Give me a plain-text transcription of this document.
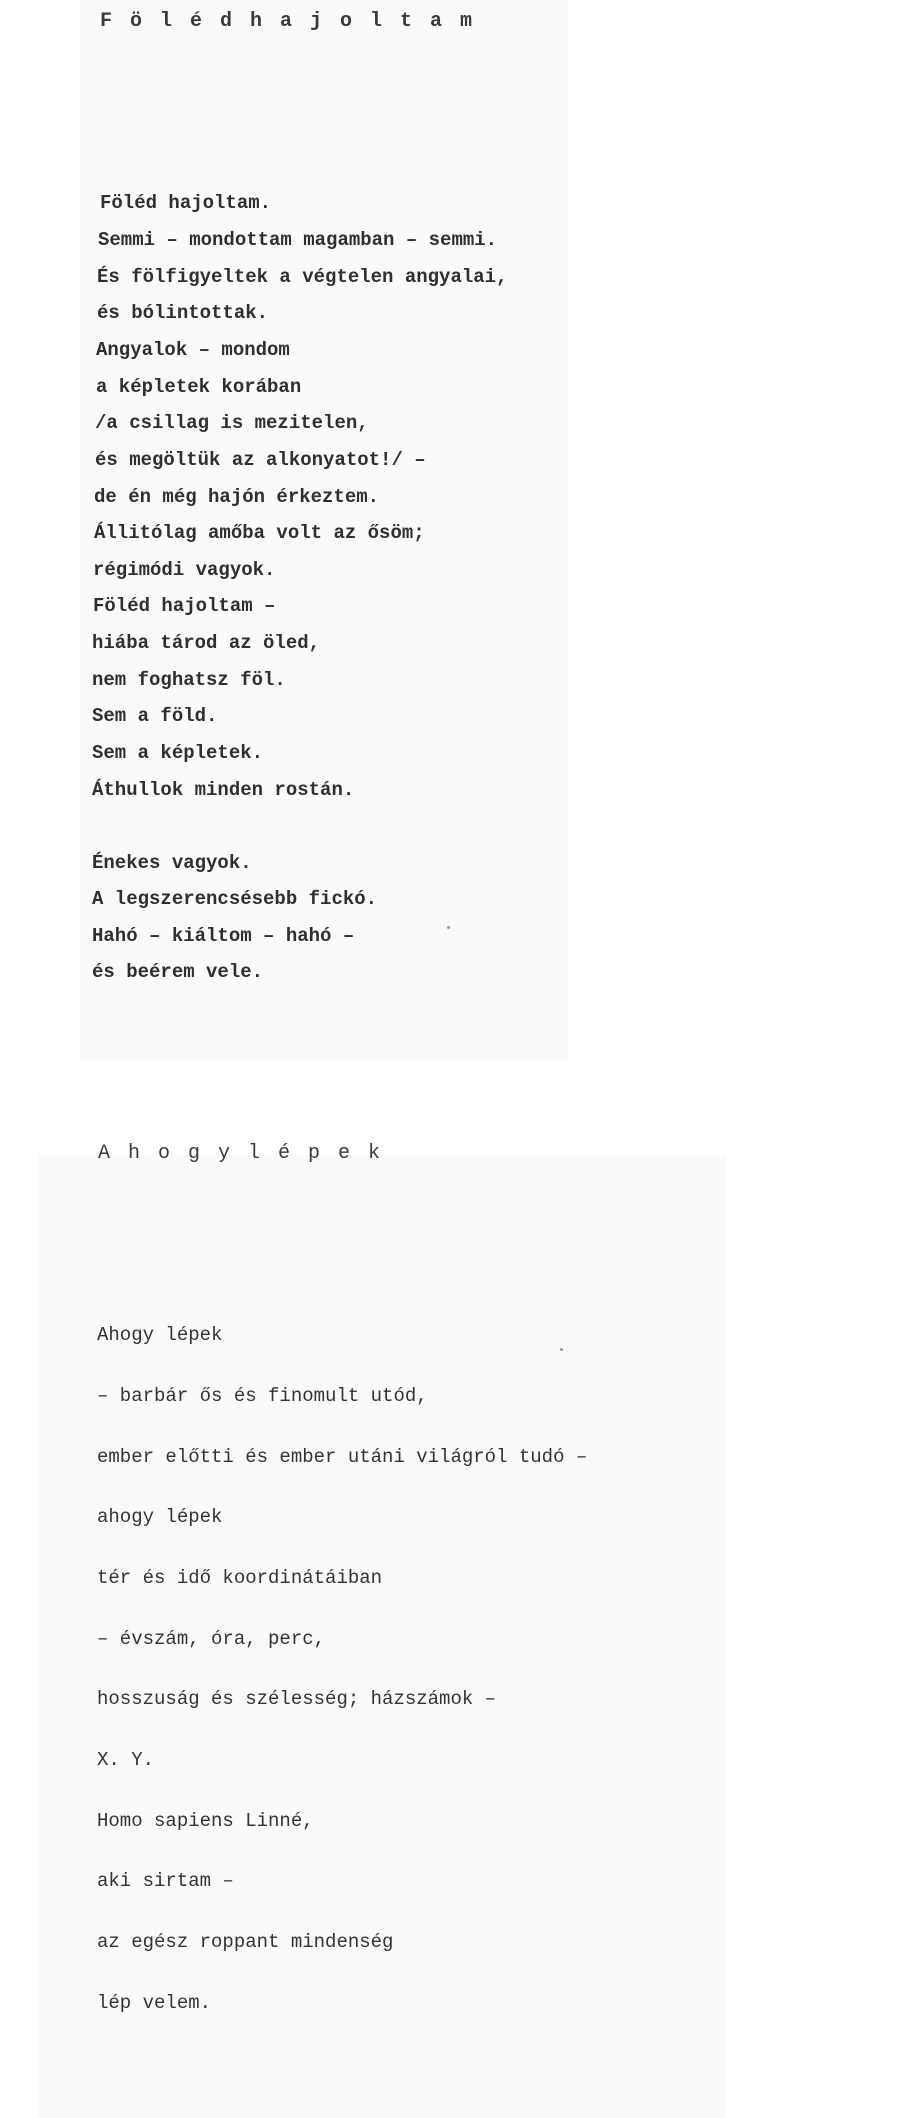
F ö l é d h a j o l t a m
Föléd hajoltam.
Semmi – mondottam magamban – semmi.
És fölfigyeltek a végtelen angyalai,
és bólintottak.
Angyalok – mondom
a képletek korában
/a csillag is mezitelen,
és megöltük az alkonyatot!/ –
de én még hajón érkeztem.
Állitólag amőba volt az ősöm;
régimódi vagyok.
Föléd hajoltam –
hiába tárod az öled,
nem foghatsz föl.
Sem a föld.
Sem a képletek.
Áthullok minden rostán.
Énekes vagyok.
A legszerencsésebb fickó.
Hahó – kiáltom – hahó –
és beérem vele.
A h o g y l é p e k
Ahogy lépek
– barbár ős és finomult utód,
ember előtti és ember utáni világról tudó –
ahogy lépek
tér és idő koordinátáiban
– évszám, óra, perc,
hosszuság és szélesség; házszámok –
X. Y.
Homo sapiens Linné,
aki sirtam –
az egész roppant mindenség
lép velem.
